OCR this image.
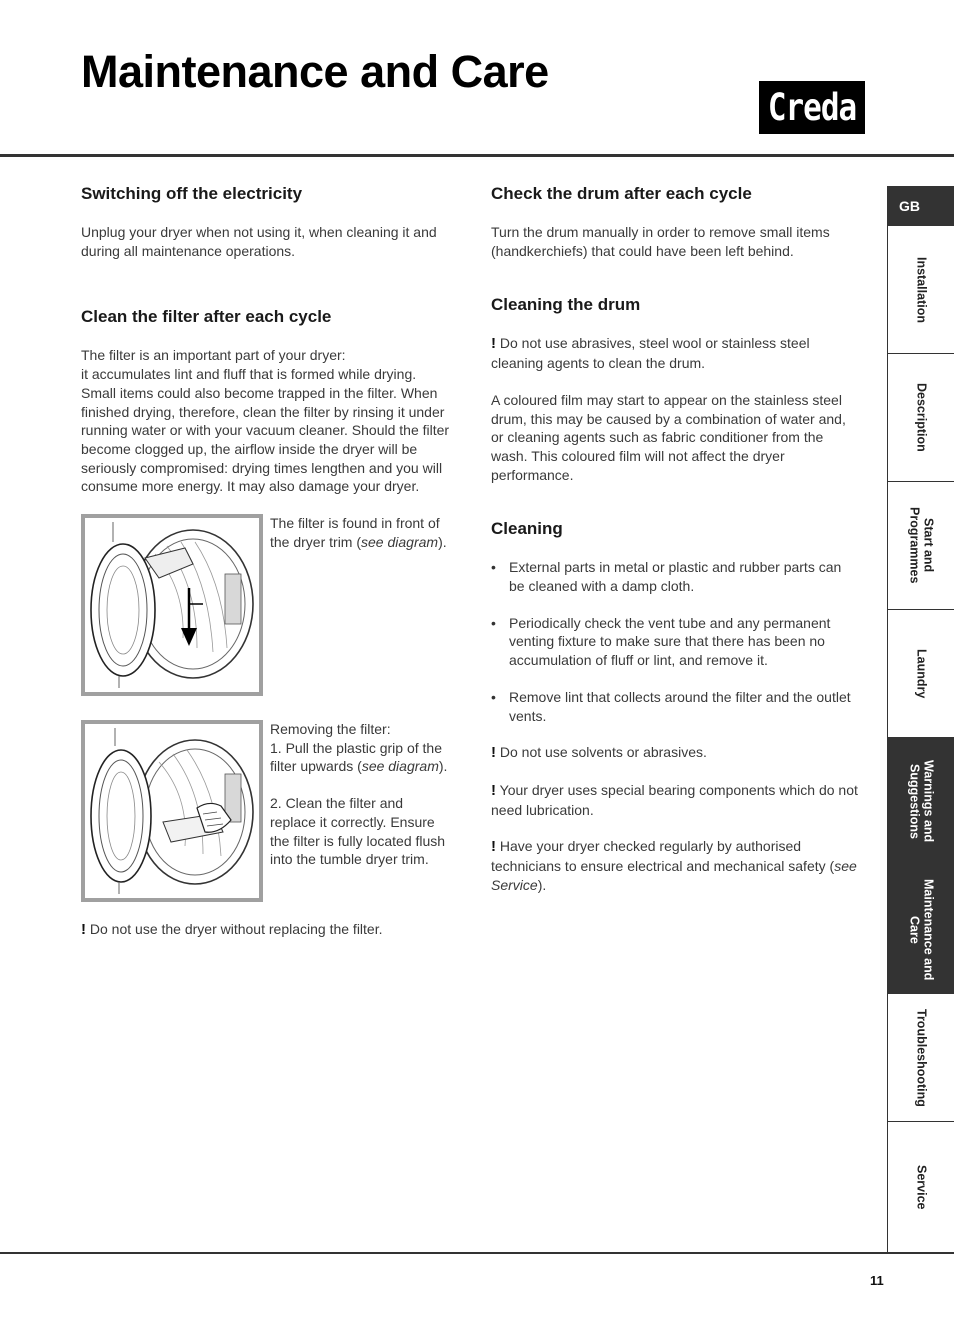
Maintenance and Care
Creda
Switching off the electricity

Unplug your dryer when not using it, when cleaning it and during all maintenance operations.

Clean the filter after each cycle

The filter is an important part of your dryer:
it accumulates lint and fluff that is formed while drying. Small items could also become trapped in the filter. When finished drying, therefore, clean the filter by rinsing it under running water or with your vacuum cleaner. Should the filter become clogged up, the airflow inside the dryer will be seriously compromised: drying times lengthen and you will consume more energy. It may also damage your dryer.

The filter is found in front of the dryer trim (see diagram).

Removing the filter:
1. Pull the plastic grip of the filter upwards (see diagram).

2. Clean the filter and replace it correctly. Ensure the filter is fully located flush into the tumble dryer trim.

! Do not use the dryer without replacing the filter.

Check the drum after each cycle

Turn the drum manually in order to remove small items (handkerchiefs) that could have been left behind.

Cleaning the drum

! Do not use abrasives, steel wool or stainless steel cleaning agents to clean the drum.

A coloured film may start to appear on the stainless steel drum, this may be caused by a combination of water and, or cleaning agents such as fabric conditioner from the wash. This coloured film will not affect the dryer performance.

Cleaning
• External parts in metal or plastic and rubber parts can be cleaned with a damp cloth.
• Periodically check the vent tube and any permanent venting fixture to make sure that there has been no accumulation of fluff or lint, and remove it.
• Remove lint that collects around the filter and the outlet vents.

! Do not use solvents or abrasives.

! Your dryer uses special bearing components which do not need lubrication.

! Have your dryer checked regularly by authorised technicians to ensure electrical and mechanical safety (see Service).

GB
Installation
Description
Start and
Programmes
Laundry
Warnings and
Suggestions
Maintenance and
Care
Troubleshooting
Service
11
